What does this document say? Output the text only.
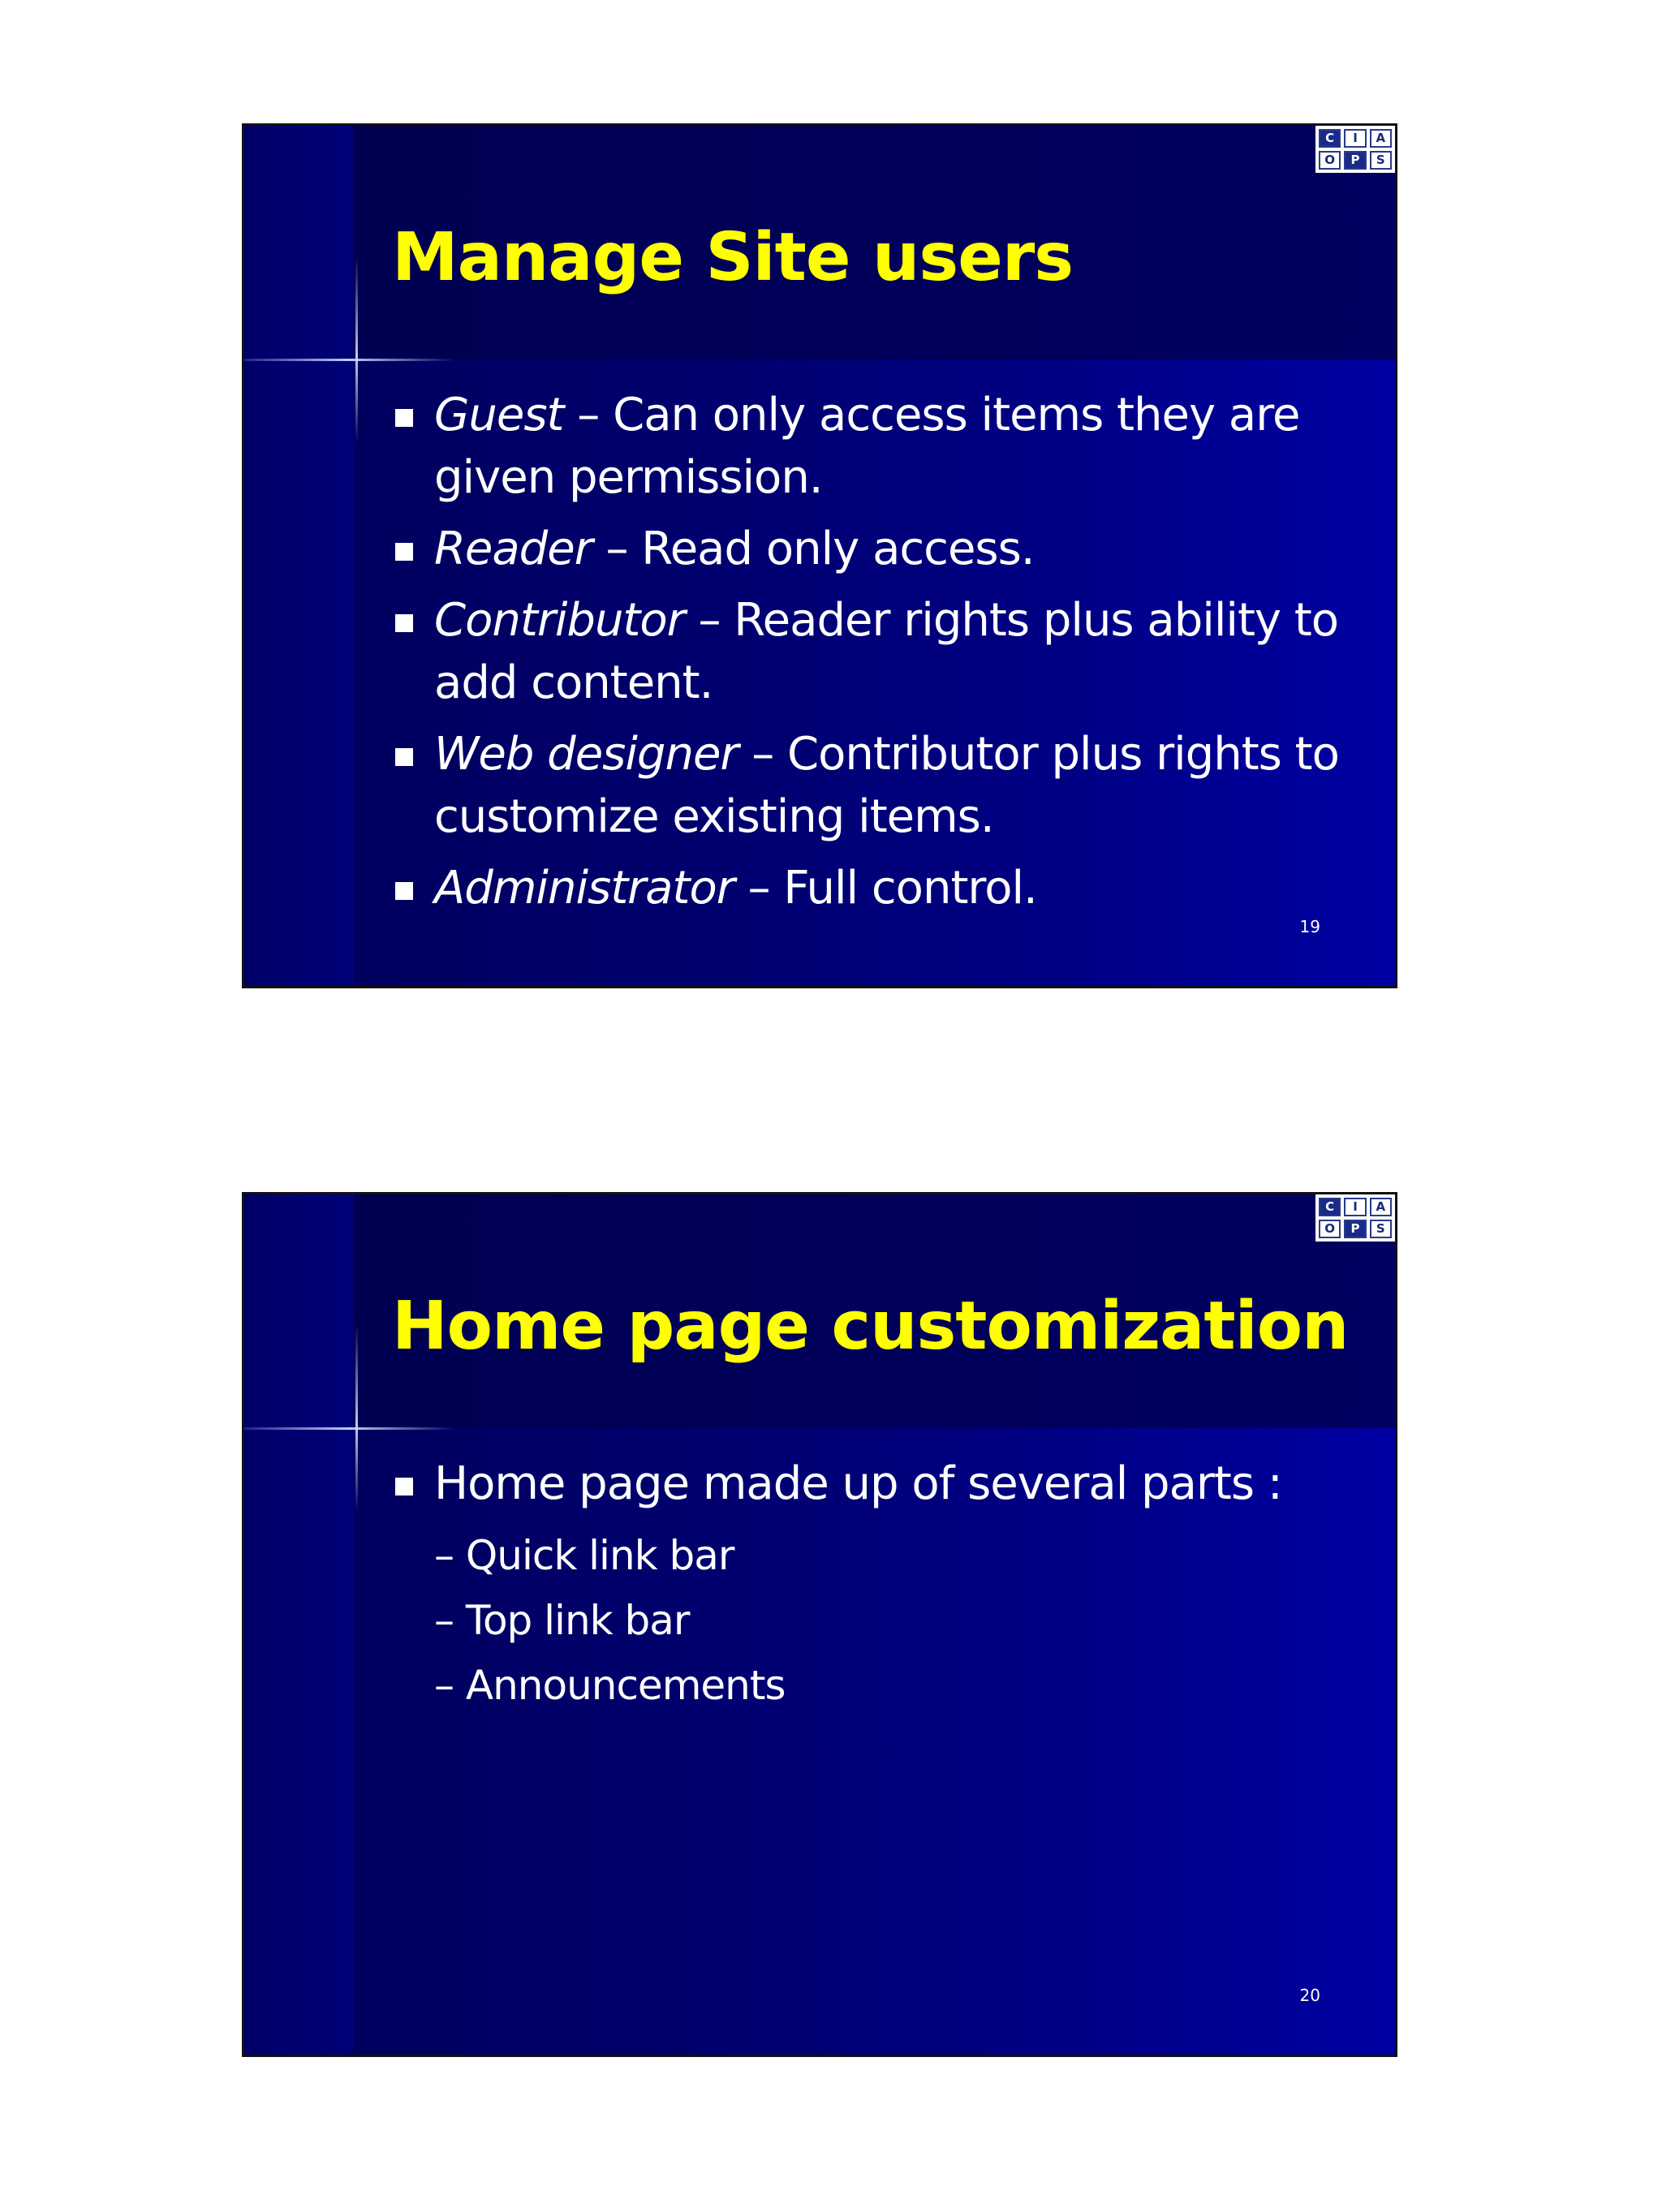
C	I	A
O	P	S
Manage Site users
Guest – Can only access items they are given permission.
Reader – Read only access.
Contributor – Reader rights plus ability to add content.
Web designer – Contributor plus rights to customize existing items.
Administrator – Full control.
19
C	I	A
O	P	S
Home page customization
Home page made up of several parts :
– Quick link bar
– Top link bar
– Announcements
20
